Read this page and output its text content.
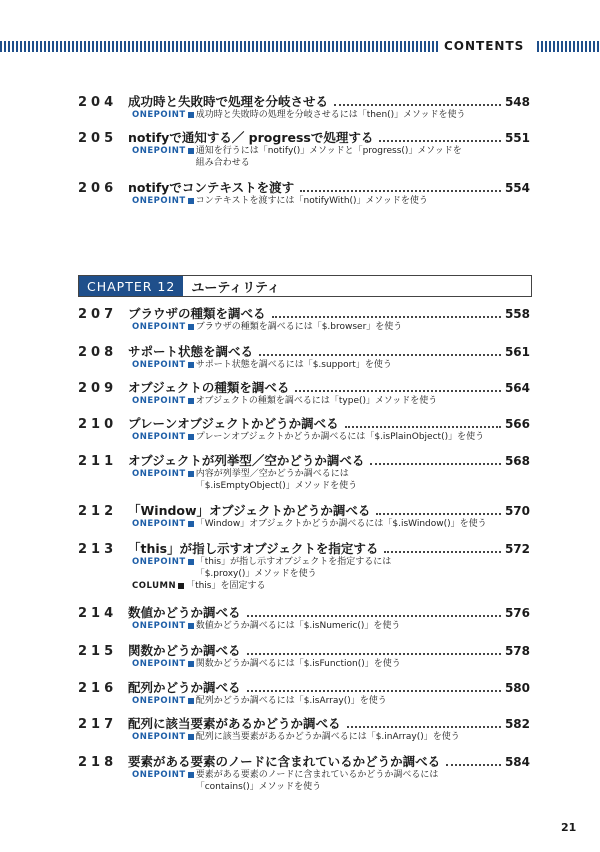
CONTENTS
204 成功時と失敗時で処理を分岐させる	548
ONEPOINT 成功時と失敗時の処理を分岐させるには「then()」メソッドを使う
205 notifyで通知する／ progressで処理する	551
ONEPOINT 通知を行うには「notify()」メソッドと「progress()」メソッドを
組み合わせる
206 notifyでコンテキストを渡す	554
ONEPOINT コンテキストを渡すには「notifyWith()」メソッドを使う
CHAPTER 12	ユーティリティ
207 ブラウザの種類を調べる	558
ONEPOINT ブラウザの種類を調べるには「$.browser」を使う
208 サポート状態を調べる	561
ONEPOINT サポート状態を調べるには「$.support」を使う
209 オブジェクトの種類を調べる	564
ONEPOINT オブジェクトの種類を調べるには「type()」メソッドを使う
210 プレーンオブジェクトかどうか調べる	566
ONEPOINT プレーンオブジェクトかどうか調べるには「$.isPlainObject()」を使う
211 オブジェクトが列挙型／空かどうか調べる	568
ONEPOINT 内容が列挙型／空かどうか調べるには
「$.isEmptyObject()」メソッドを使う
212 「Window」オブジェクトかどうか調べる	570
ONEPOINT 「Window」オブジェクトかどうか調べるには「$.isWindow()」を使う
213 「this」が指し示すオブジェクトを指定する	572
ONEPOINT 「this」が指し示すオブジェクトを指定するには
「$.proxy()」メソッドを使う
COLUMN 「this」を固定する
214 数値かどうか調べる	576
ONEPOINT 数値かどうか調べるには「$.isNumeric()」を使う
215 関数かどうか調べる	578
ONEPOINT 関数かどうか調べるには「$.isFunction()」を使う
216 配列かどうか調べる	580
ONEPOINT 配列かどうか調べるには「$.isArray()」を使う
217 配列に該当要素があるかどうか調べる	582
ONEPOINT 配列に該当要素があるかどうか調べるには「$.inArray()」を使う
218 要素がある要素のノードに含まれているかどうか調べる	584
ONEPOINT 要素がある要素のノードに含まれているかどうか調べるには
「contains()」メソッドを使う
21
